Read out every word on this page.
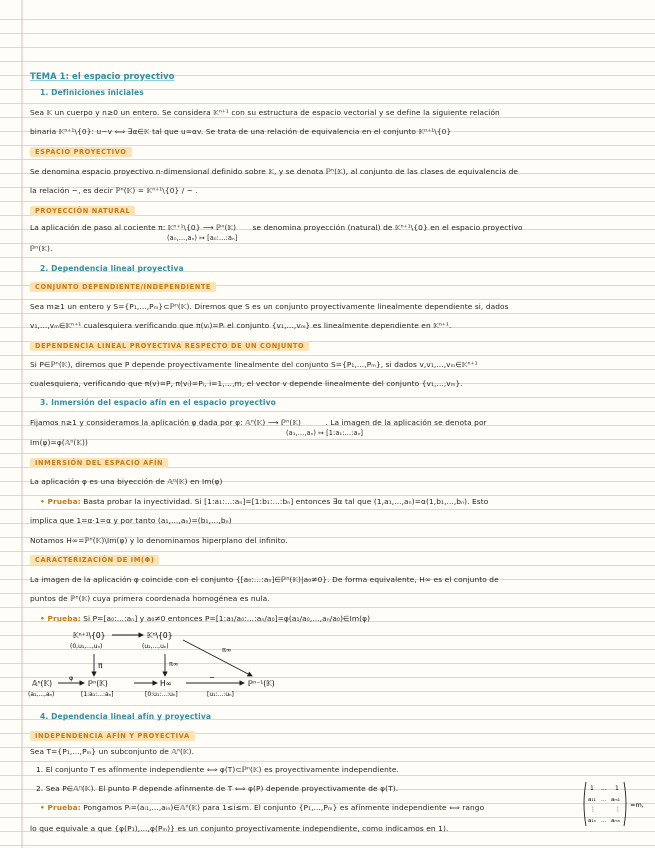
TEMA 1: el espacio proyectivo
1. Definiciones iniciales
Sea 𝕂 un cuerpo y n≥0 un entero. Se considera 𝕂ⁿ⁺¹ con su estructura de espacio vectorial y se define la siguiente relación
binaria 𝕂ⁿ⁺¹\{0}: u~v ⟺ ∃α∈𝕂 tal que u=αv. Se trata de una relación de equivalencia en el conjunto 𝕂ⁿ⁺¹\{0}
ESPACIO PROYECTIVO
Se denomina espacio proyectivo n-dimensional definido sobre 𝕂, y se denota ℙⁿ(𝕂), al conjunto de las clases de equivalencia de
la relación ~, es decir ℙⁿ(𝕂) = 𝕂ⁿ⁺¹\{0} / ~ .
PROYECCIÓN NATURAL
La aplicación de paso al cociente π: 𝕂ⁿ⁺¹\{0} ⟶ ℙⁿ(𝕂) se denomina proyección (natural) de 𝕂ⁿ⁺¹\{0} en el espacio proyectivo
(a₀,...,aₙ) ↦ [a₀:...:aₙ]
ℙⁿ(𝕂).
2. Dependencia lineal proyectiva
CONJUNTO DEPENDIENTE/INDEPENDIENTE
Sea m≥1 un entero y S={P₁,...,Pₘ}⊂ℙⁿ(𝕂). Diremos que S es un conjunto proyectivamente linealmente dependiente si, dados
v₁,...,vₘ∈𝕂ⁿ⁺¹ cualesquiera verificando que π(vᵢ)=Pᵢ el conjunto {v₁,...,vₘ} es linealmente dependiente en 𝕂ⁿ⁺¹.
DEPENDENCIA LINEAL PROYECTIVA RESPECTO DE UN CONJUNTO
Si P∈ℙⁿ(𝕂), diremos que P depende proyectivamente linealmente del conjunto S={P₁,...,Pₘ}, si dados v,v₁,...,vₘ∈𝕂ⁿ⁺¹
cualesquiera, verificando que π(v)=P, π(vᵢ)=Pᵢ, i=1,...,m, el vector v depende linealmente del conjunto {v₁,...,vₘ}.
3. Inmersión del espacio afín en el espacio proyectivo
Fijamos n≥1 y consideramos la aplicación φ dada por φ: 𝔸ⁿ(𝕂) ⟶ ℙⁿ(𝕂)	. La imagen de la aplicación se denota por
(a₁,...,aₙ) ↦ [1:a₁:...:aₙ]
Im(φ)=φ(𝔸ⁿ(𝕂))
INMERSIÓN DEL ESPACIO AFÍN
La aplicación φ es una biyección de 𝔸ⁿ(𝕂) en Im(φ)
• Prueba: Basta probar la inyectividad. Si [1:a₁:...:aₙ]=[1:b₁:...:bₙ] entonces ∃α tal que (1,a₁,...,aₙ)=α(1,b₁,...,bₙ). Esto
implica que 1=α·1=α y por tanto (a₁,...,aₙ)=(b₁,...,bₙ)
Notamos H∞=ℙⁿ(𝕂)\Im(φ) y lo denominamos hiperplano del infinito.
CARACTERIZACIÓN DE IM(Φ)
La imagen de la aplicación φ coincide con el conjunto {[a₀:...:aₙ]∈ℙⁿ(𝕂)|a₀≠0}. De forma equivalente, H∞ es el conjunto de
puntos de ℙⁿ(𝕂) cuya primera coordenada homogénea es nula.
• Prueba: Si P=[a₀:...:aₙ] y a₀≠0 entonces P=[1:a₁/a₀:...:aₙ/a₀]=φ(a₁/a₀,...,aₙ/a₀)∈Im(φ)
𝕂ⁿ⁺¹\{0}
(0,u₁,...,uₙ)
𝕂ⁿ\{0}
(u₁,...,uₙ)
π	π∞
π∞
𝔸ⁿ(𝕂)
(a₁,...,aₙ)
φ
ℙⁿ(𝕂)
[1:a₁:...:aₙ]
H∞
[0:u₁:...:uₙ]
~
ℙⁿ⁻¹(𝕂)
[u₁:...:uₙ]
4. Dependencia lineal afín y proyectiva
INDEPENDENCIA AFÍN Y PROYECTIVA
Sea T={P₁,...,Pₘ} un subconjunto de 𝔸ⁿ(𝕂).
1. El conjunto T es afínmente independiente ⟺ φ(T)⊂ℙⁿ(𝕂) es proyectivamente independiente.
2. Sea P∈𝔸ⁿ(𝕂). El punto P depende afínmente de T ⟺ φ(P) depende proyectivamente de φ(T).
• Prueba: Pongamos Pᵢ=(aᵢ₁,...,aᵢₙ)∈𝔸ⁿ(𝕂) para 1≤i≤m. El conjunto {P₁,...,Pₘ} es afínmente independiente ⟺ rango
1 ... 1
a₁₁ ... aₘ₁
⋮	⋮
a₁ₙ ... aₘₙ
=m,
lo que equivale a que {φ(P₁),...,φ(Pₘ)} es un conjunto proyectivamente independiente, como indicamos en 1).
